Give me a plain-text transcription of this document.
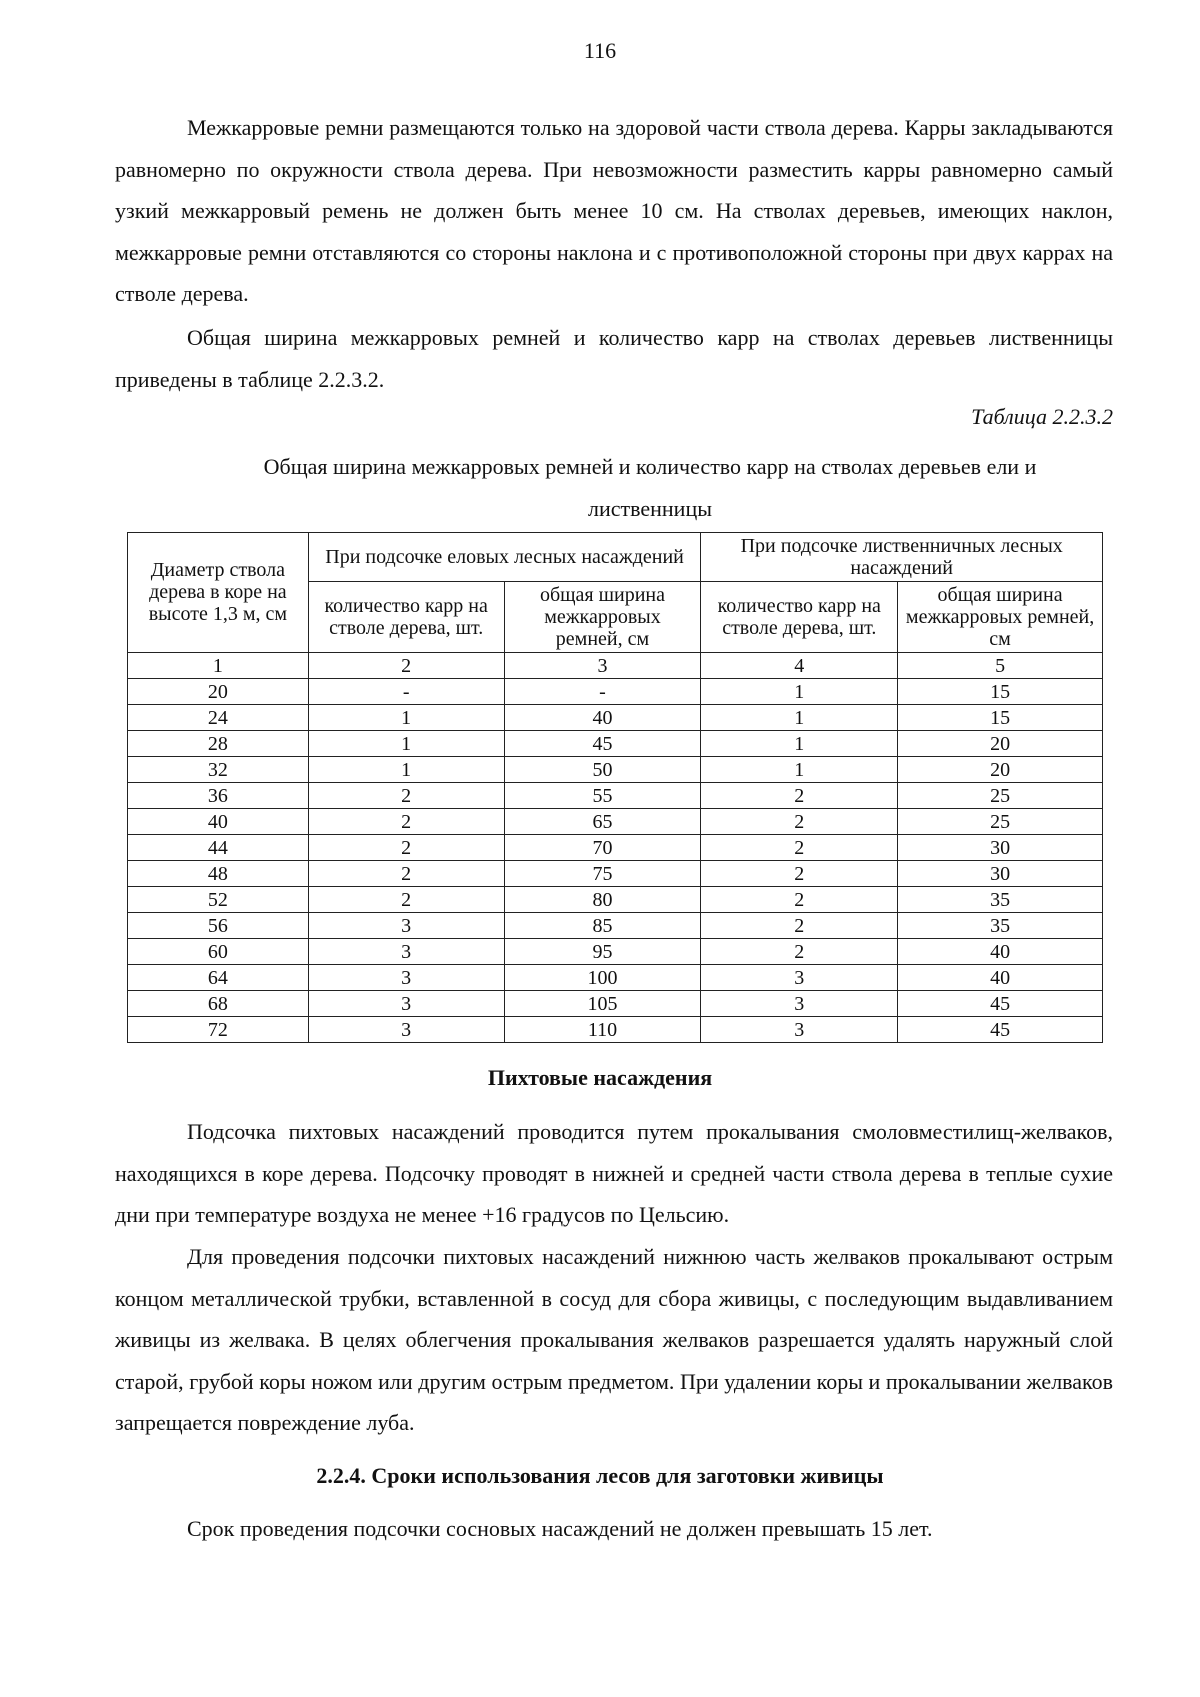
116

Межкарровые ремни размещаются только на здоровой части ствола дерева. Карры закладываются равномерно по окружности ствола дерева. При невозможности разместить карры равномерно самый узкий межкарровый ремень не должен быть менее 10 см. На стволах деревьев, имеющих наклон, межкарровые ремни отставляются со стороны наклона и с противоположной стороны при двух каррах на стволе дерева.

Общая ширина межкарровых ремней и количество карр на стволах деревьев лиственницы приведены в таблице 2.2.3.2.

Таблица 2.2.3.2

Общая ширина межкарровых ремней и количество карр на стволах деревьев ели и лиственницы

Диаметр ствола дерева в коре на высоте 1,3 м, см	При подсочке еловых лесных насаждений		При подсочке лиственничных лесных насаждений	
	количество карр на стволе дерева, шт.	общая ширина межкарровых ремней, см	количество карр на стволе дерева, шт.	общая ширина межкарровых ремней, см
1	2	3	4	5
20	-	-	1	15
24	1	40	1	15
28	1	45	1	20
32	1	50	1	20
36	2	55	2	25
40	2	65	2	25
44	2	70	2	30
48	2	75	2	30
52	2	80	2	35
56	3	85	2	35
60	3	95	2	40
64	3	100	3	40
68	3	105	3	45
72	3	110	3	45
Пихтовые насаждения

Подсочка пихтовых насаждений проводится путем прокалывания смоловместилищ-желваков, находящихся в коре дерева. Подсочку проводят в нижней и средней части ствола дерева в теплые сухие дни при температуре воздуха не менее +16 градусов по Цельсию.

Для проведения подсочки пихтовых насаждений нижнюю часть желваков прокалывают острым концом металлической трубки, вставленной в сосуд для сбора живицы, с последующим выдавливанием живицы из желвака. В целях облегчения прокалывания желваков разрешается удалять наружный слой старой, грубой коры ножом или другим острым предметом. При удалении коры и прокалывании желваков запрещается повреждение луба.

2.2.4. Сроки использования лесов для заготовки живицы

Срок проведения подсочки сосновых насаждений не должен превышать 15 лет.
